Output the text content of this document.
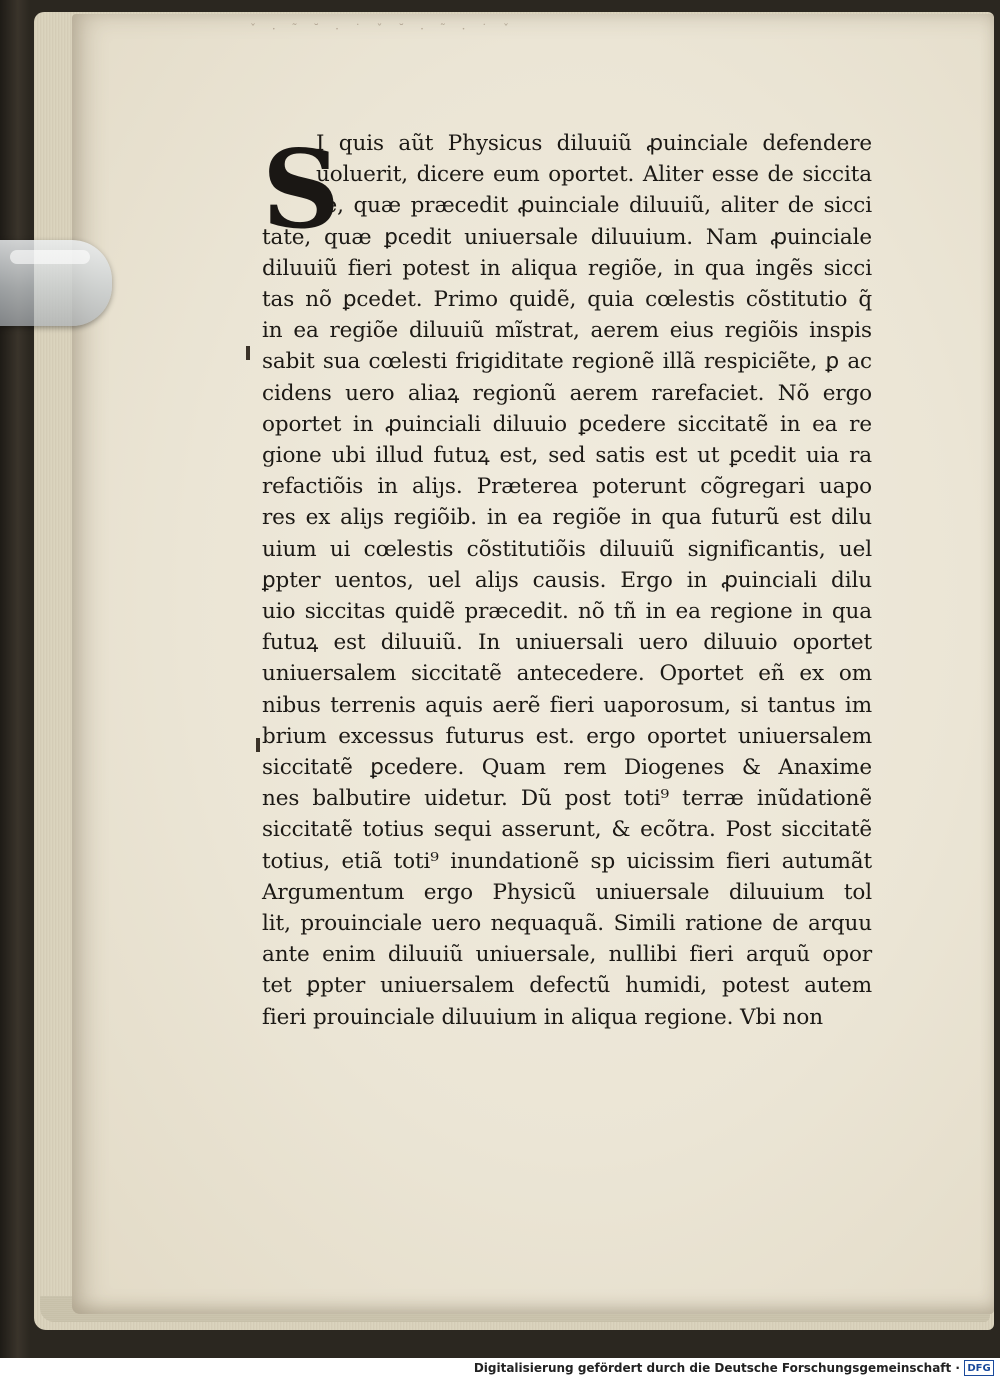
ˇ · ˜ ˘ · ˙ ˇ ˘ · ˜ · ˙ ˇ
S
I quis aũt Physicus diluuiũ ꝓuinciale defendere
uoluerit, dicere eum oportet. Aliter esse de siccita
te, quæ præcedit ꝓuinciale diluuiũ, aliter de sicci
tate, quæ ꝑcedit uniuersale diluuium. Nam ꝓuinciale
diluuiũ fieri potest in aliqua regiõe, in qua ingẽs sicci
tas nõ ꝑcedet. Primo quidẽ, quia cœlestis cõstitutio q̃
in ea regiõe diluuiũ mĩstrat, aerem eius regiõis inspis
sabit sua cœlesti frigiditate regionẽ illã respiciẽte, ꝑ ac
cidens uero aliaꝝ regionũ aerem rarefaciet. Nõ ergo
oportet in ꝓuinciali diluuio ꝑcedere siccitatẽ in ea re
gione ubi illud futuꝝ est, sed satis est ut ꝑcedit uia ra
refactiõis in aliȷs. Præterea poterunt cõgregari uapo
res ex aliȷs regiõib. in ea regiõe in qua futurũ est dilu
uium ui cœlestis cõstitutiõis diluuiũ significantis, uel
ꝑpter uentos, uel aliȷs causis. Ergo in ꝓuinciali dilu
uio siccitas quidẽ præcedit. nõ tñ in ea regione in qua
futuꝝ est diluuiũ. In uniuersali uero diluuio oportet
uniuersalem siccitatẽ antecedere. Oportet eñ ex om
nibus terrenis aquis aerẽ fieri uaporosum, si tantus im
brium excessus futurus est. ergo oportet uniuersalem
siccitatẽ ꝑcedere. Quam rem Diogenes & Anaxime
nes balbutire uidetur. Dũ post toti⁹ terræ inũdationẽ
siccitatẽ totius sequi asserunt, & ecõtra. Post siccitatẽ
totius, etiã toti⁹ inundationẽ sp uicissim fieri autumãt
Argumentum ergo Physicũ uniuersale diluuium tol
lit, prouinciale uero nequaquã. Simili ratione de arquu
ante enim diluuiũ uniuersale, nullibi fieri arquũ opor
tet ꝑpter uniuersalem defectũ humidi, potest autem
fieri prouinciale diluuium in aliqua regione. Vbi non
Digitalisierung gefördert durch die Deutsche Forschungsgemeinschaft · DFG
